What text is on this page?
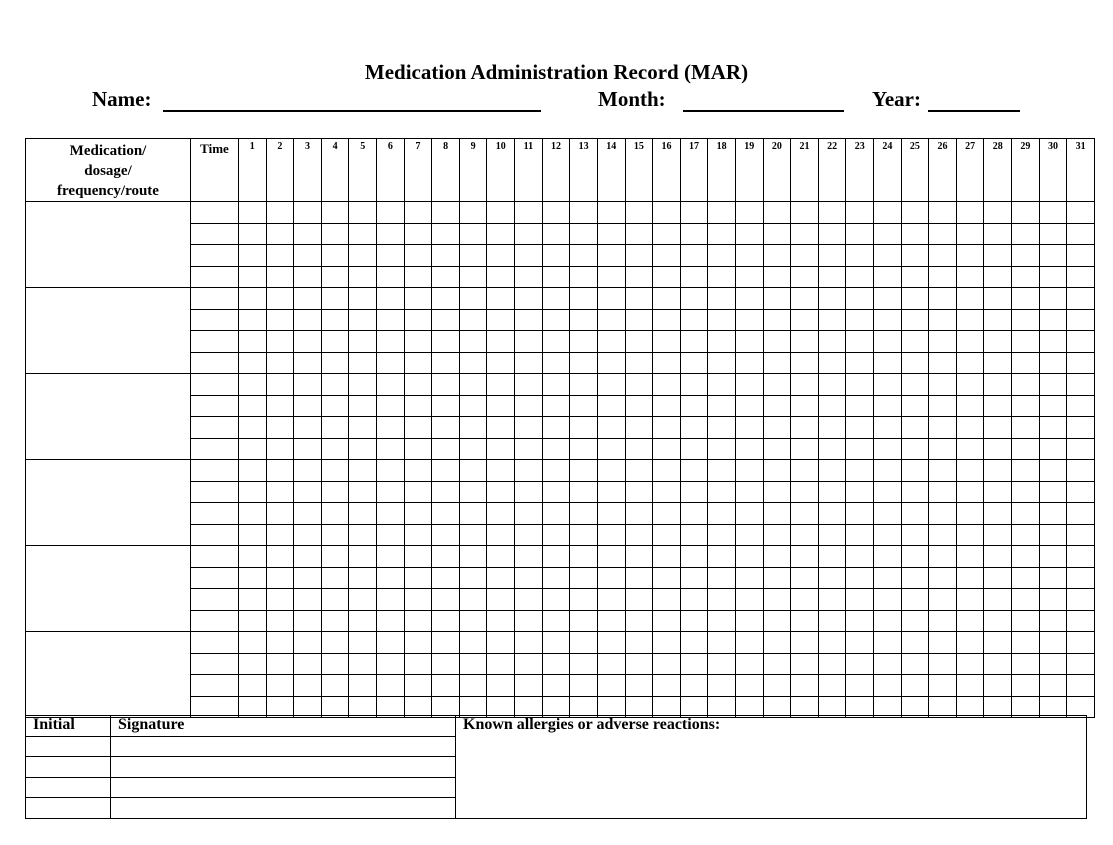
Medication Administration Record (MAR)
Name:	Month:	Year:
Medication/
dosage/
frequency/route	Time	1	2	3	4	5	6	7	8	9	10	11	12	13	14	15	16	17	18	19	20	21	22	23	24	25	26	27	28	29	30	31

Initial	Signature	Known allergies or adverse reactions:
